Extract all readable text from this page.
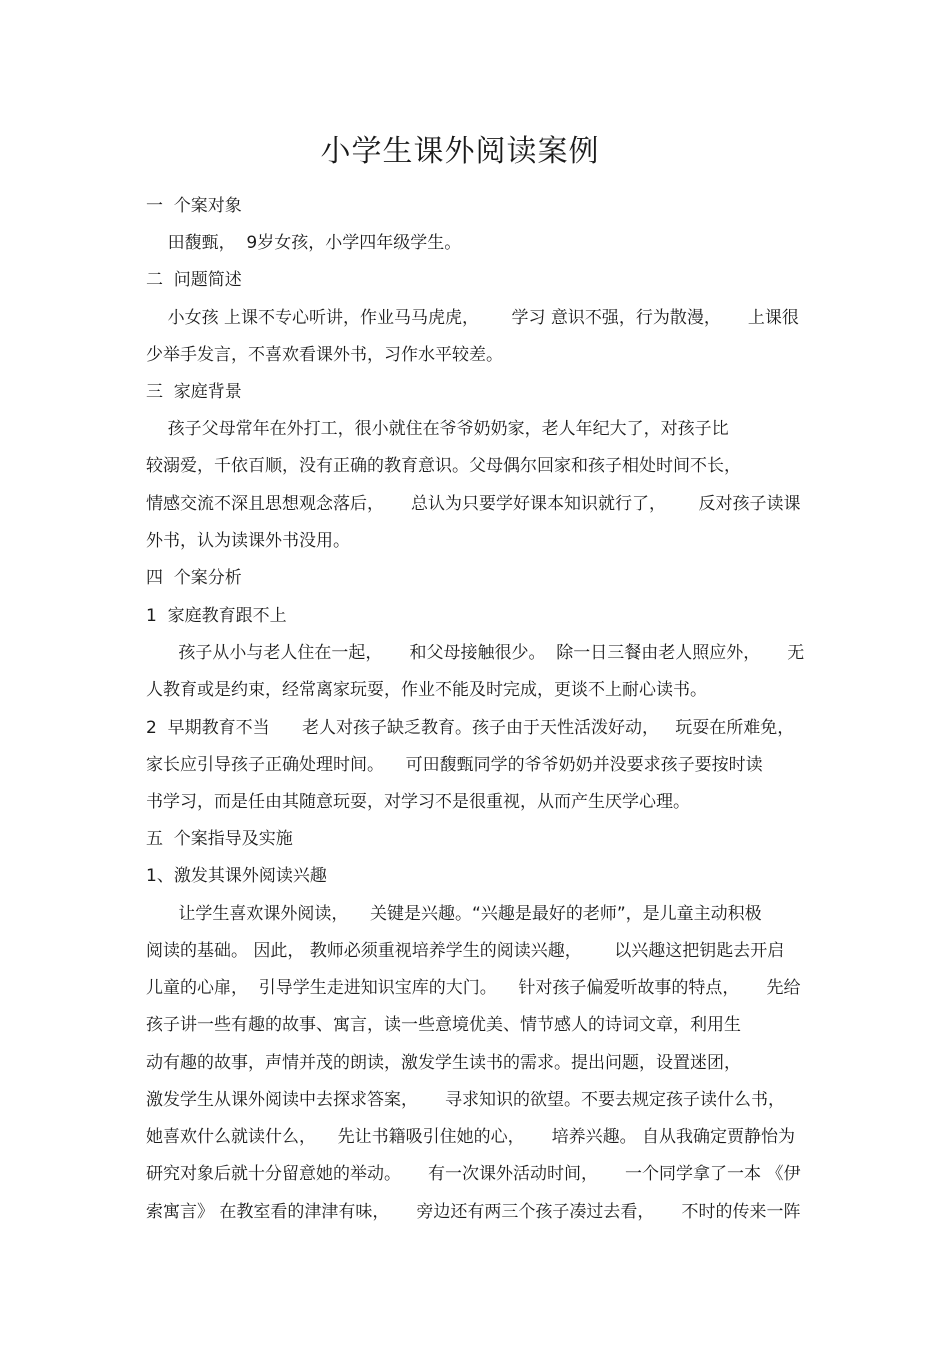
小学生课外阅读案例

一  个案对象

田馥甄，  9岁女孩，小学四年级学生。

二  问题简述

小女孩 上课不专心听讲，作业马马虎虎，      学习 意识不强，行为散漫，     上课很

少举手发言，不喜欢看课外书，习作水平较差。

三  家庭背景

孩子父母常年在外打工，很小就住在爷爷奶奶家，老人年纪大了，对孩子比

较溺爱，千依百顺，没有正确的教育意识。父母偶尔回家和孩子相处时间不长，

情感交流不深且思想观念落后，     总认为只要学好课本知识就行了，      反对孩子读课

外书，认为读课外书没用。

四  个案分析

1  家庭教育跟不上

孩子从小与老人住在一起，     和父母接触很少。  除一日三餐由老人照应外，     无

人教育或是约束，经常离家玩耍，作业不能及时完成，更谈不上耐心读书。

2  早期教育不当      老人对孩子缺乏教育。孩子由于天性活泼好动，   玩耍在所难免，

家长应引导孩子正确处理时间。    可田馥甄同学的爷爷奶奶并没要求孩子要按时读

书学习，而是任由其随意玩耍，对学习不是很重视，从而产生厌学心理。

五  个案指导及实施

1、激发其课外阅读兴趣

让学生喜欢课外阅读，    关键是兴趣。“兴趣是最好的老师”，是儿童主动积极

阅读的基础。 因此， 教师必须重视培养学生的阅读兴趣，      以兴趣这把钥匙去开启

儿童的心扉，  引导学生走进知识宝库的大门。    针对孩子偏爱听故事的特点，     先给

孩子讲一些有趣的故事、寓言，读一些意境优美、情节感人的诗词文章，利用生

动有趣的故事，声情并茂的朗读，激发学生读书的需求。提出问题，设置迷团，

激发学生从课外阅读中去探求答案，     寻求知识的欲望。不要去规定孩子读什么书，

她喜欢什么就读什么，    先让书籍吸引住她的心，     培养兴趣。 自从我确定贾静怡为

研究对象后就十分留意她的举动。     有一次课外活动时间，     一个同学拿了一本 《伊

索寓言》 在教室看的津津有味，     旁边还有两三个孩子凑过去看，     不时的传来一阵
